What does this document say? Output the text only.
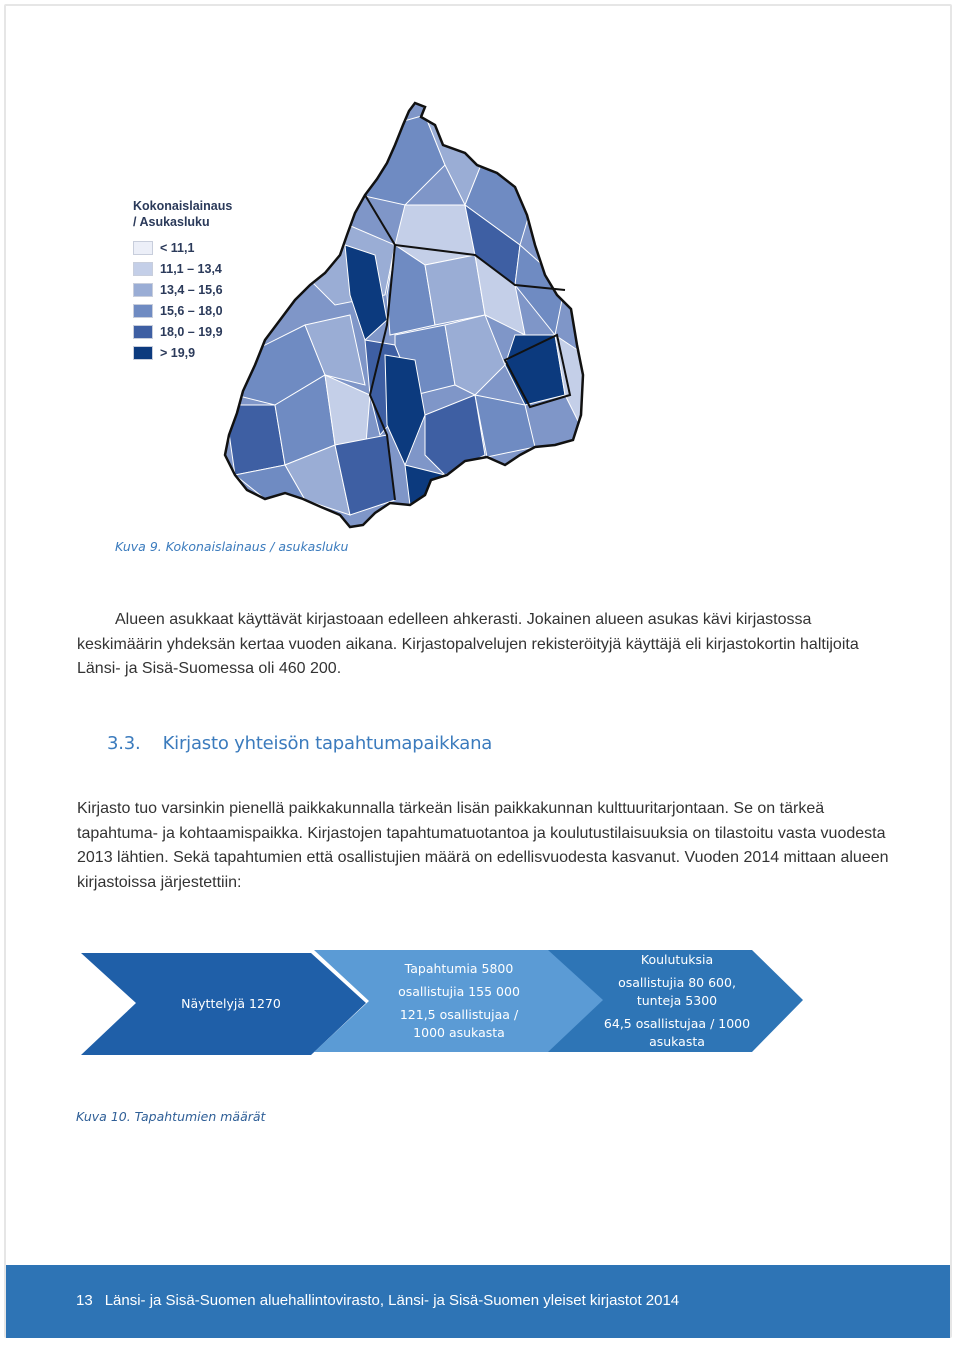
Kokonaislainaus
/ Asukasluku
< 11,1
11,1 – 13,4
13,4 – 15,6
15,6 – 18,0
18,0 – 19,9
> 19,9
Kuva 9. Kokonaislainaus / asukasluku
Alueen asukkaat käyttävät kirjastoaan edelleen ahkerasti. Jokainen alueen asukas kävi kirjastossa keskimäärin yhdeksän kertaa vuoden aikana. Kirjastopalvelujen rekisteröityjä käyttäjä eli kirjastokortin haltijoita Länsi- ja Sisä-Suomessa oli 460 200.
3.3. Kirjasto yhteisön tapahtumapaikkana
Kirjasto tuo varsinkin pienellä paikkakunnalla tärkeän lisän paikkakunnan kulttuuritarjontaan. Se on tärkeä tapahtuma- ja kohtaamispaikka. Kirjastojen tapahtumatuotantoa ja koulutustilaisuuksia on tilastoitu vasta vuodesta 2013 lähtien. Sekä tapahtumien että osallistujien määrä on edellisvuodesta kasvanut. Vuoden 2014 mittaan alueen kirjastoissa järjestettiin:
Näyttelyjä 1270
Tapahtumia 5800
osallistujia 155 000
121,5 osallistujaa /
1000 asukasta
Koulutuksia
osallistujia 80 600,
tunteja 5300
64,5 osallistujaa / 1000
asukasta
Kuva 10. Tapahtumien määrät
13 Länsi- ja Sisä-Suomen aluehallintovirasto, Länsi- ja Sisä-Suomen yleiset kirjastot 2014
